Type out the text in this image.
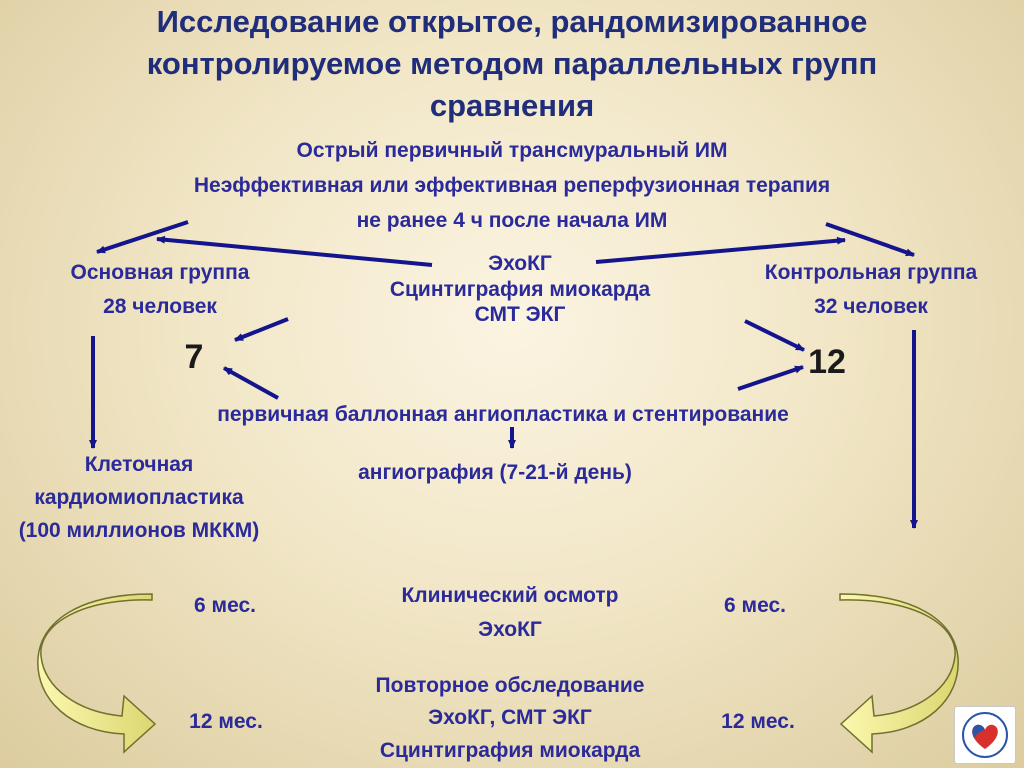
Исследование открытое, рандомизированное
контролируемое методом параллельных групп
сравнения
Острый первичный трансмуральный ИМ
Неэффективная или эффективная реперфузионная терапия
не ранее 4 ч после начала ИМ
ЭхоКГ
Сцинтиграфия миокарда
СМТ ЭКГ
Основная группа
28 человек
Контрольная группа
32 человек
7	12
первичная баллонная ангиопластика и стентирование
ангиография (7-21-й день)
Клеточная
кардиомиопластика
(100 миллионов МККМ)
6 мес.	6 мес.
12 мес.	12 мес.
Клинический осмотр
ЭхоКГ
Повторное обследование
ЭхоКГ, СМТ ЭКГ
Сцинтиграфия миокарда
